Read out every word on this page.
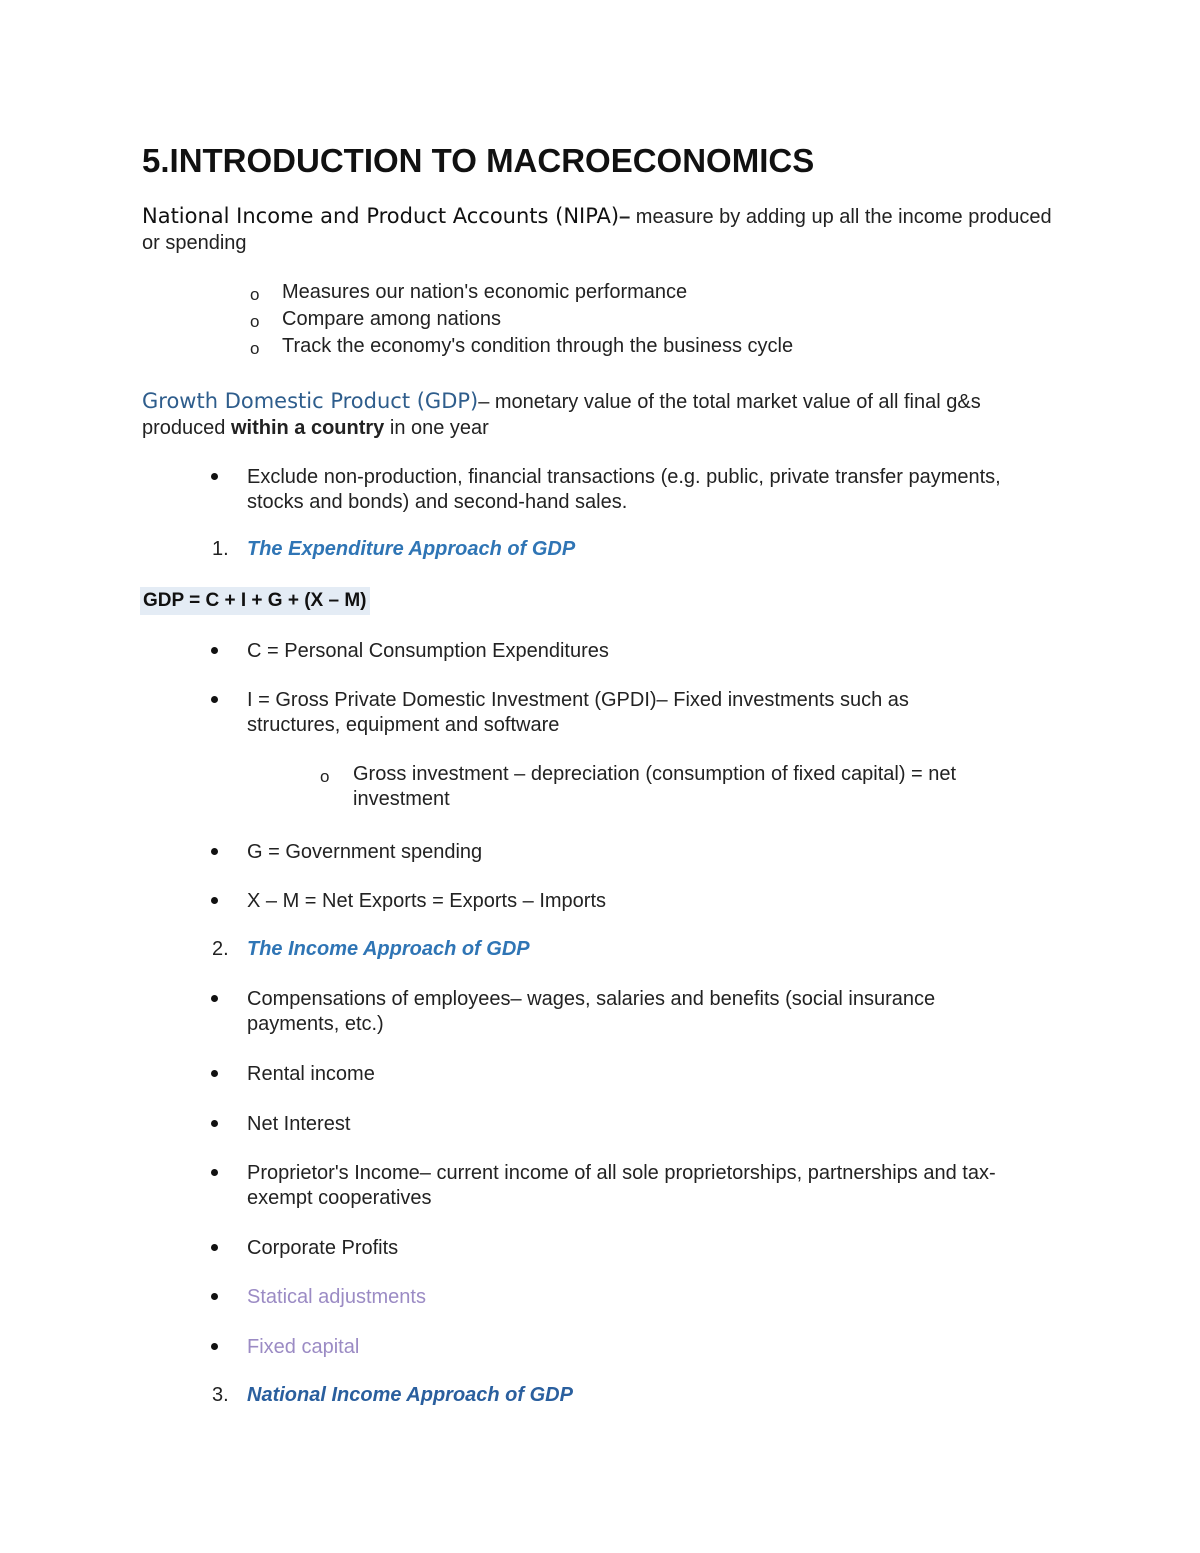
5.INTRODUCTION TO MACROECONOMICS
National Income and Product Accounts (NIPA)– measure by adding up all the income produced or spending
o Measures our nation's economic performance
o Compare among nations
o Track the economy's condition through the business cycle
Growth Domestic Product (GDP)– monetary value of the total market value of all final g&s produced within a country in one year
Exclude non-production, financial transactions (e.g. public, private transfer payments, stocks and bonds) and second-hand sales.
1. The Expenditure Approach of GDP
GDP = C + I + G + (X – M)
C = Personal Consumption Expenditures
I = Gross Private Domestic Investment (GPDI)– Fixed investments such as structures, equipment and software
o Gross investment – depreciation (consumption of fixed capital) = net investment
G = Government spending
X – M = Net Exports = Exports – Imports
2. The Income Approach of GDP
Compensations of employees– wages, salaries and benefits (social insurance payments, etc.)
Rental income
Net Interest
Proprietor's Income– current income of all sole proprietorships, partnerships and tax-exempt cooperatives
Corporate Profits
Statical adjustments
Fixed capital
3. National Income Approach of GDP
